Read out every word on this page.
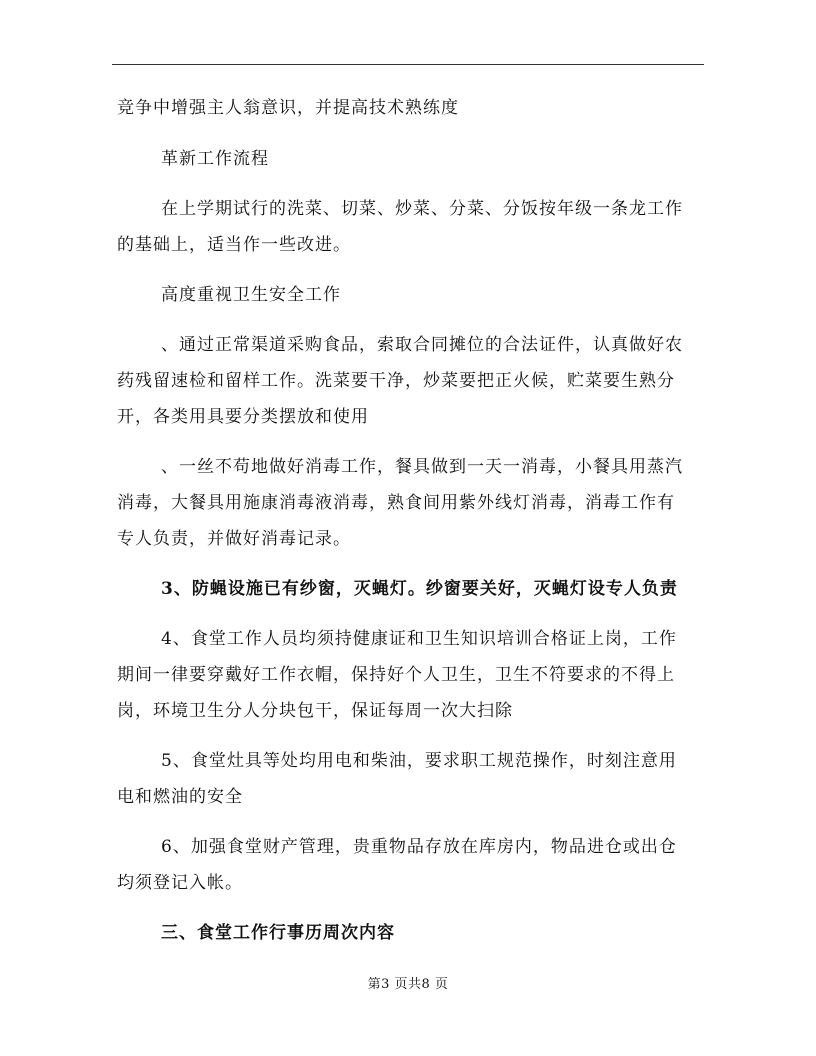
竞争中增强主人翁意识，并提高技术熟练度
革新工作流程
在上学期试行的洗菜、切菜、炒菜、分菜、分饭按年级一条龙工作
的基础上，适当作一些改进。
高度重视卫生安全工作
、通过正常渠道采购食品，索取合同摊位的合法证件，认真做好农
药残留速检和留样工作。洗菜要干净，炒菜要把正火候，贮菜要生熟分
开，各类用具要分类摆放和使用
、一丝不苟地做好消毒工作，餐具做到一天一消毒，小餐具用蒸汽
消毒，大餐具用施康消毒液消毒，熟食间用紫外线灯消毒，消毒工作有
专人负责，并做好消毒记录。
3、防蝇设施已有纱窗，灭蝇灯。纱窗要关好，灭蝇灯设专人负责
4、食堂工作人员均须持健康证和卫生知识培训合格证上岗，工作
期间一律要穿戴好工作衣帽，保持好个人卫生，卫生不符要求的不得上
岗，环境卫生分人分块包干，保证每周一次大扫除
5、食堂灶具等处均用电和柴油，要求职工规范操作，时刻注意用
电和燃油的安全
6、加强食堂财产管理，贵重物品存放在库房内，物品进仓或出仓
均须登记入帐。
三、食堂工作行事历周次内容
第3 页共8 页
